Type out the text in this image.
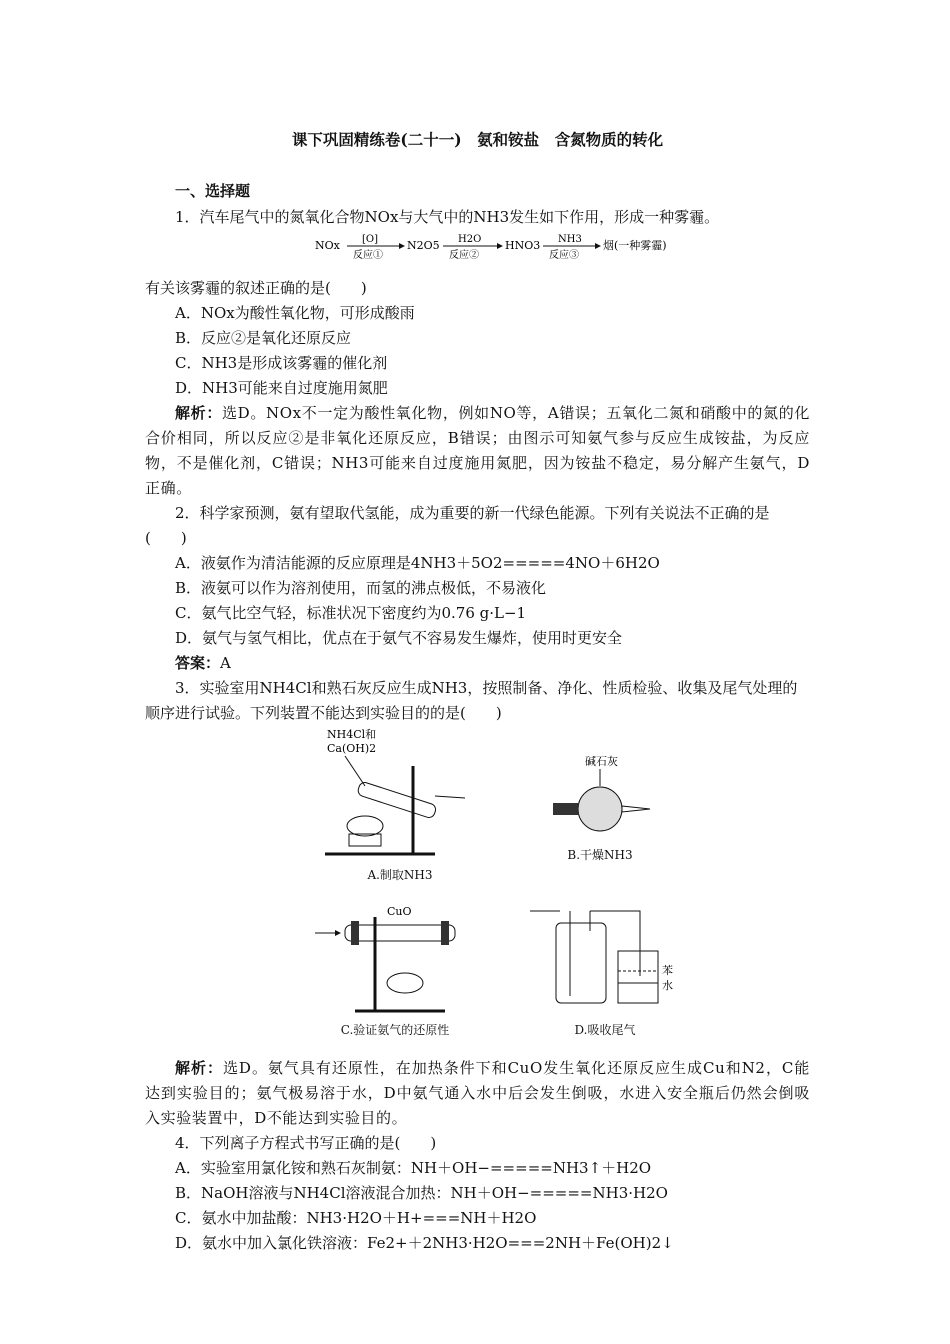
课下巩固精练卷(二十一)　氨和铵盐　含氮物质的转化
一、选择题

1．汽车尾气中的氮氧化合物NOx与大气中的NH3发生如下作用，形成一种雾霾。

NOx [O]
反应①
N2O5 H2O
反应②
HNO3 NH3
反应③
烟(一种雾霾)

有关该雾霾的叙述正确的是(　　)

A．NOx为酸性氧化物，可形成酸雨

B．反应②是氧化还原反应

C．NH3是形成该雾霾的催化剂

D．NH3可能来自过度施用氮肥

解析：选D。NOx不一定为酸性氧化物，例如NO等，A错误；五氧化二氮和硝酸中的氮的化合价相同，所以反应②是非氧化还原反应，B错误；由图示可知氨气参与反应生成铵盐，为反应物，不是催化剂，C错误；NH3可能来自过度施用氮肥，因为铵盐不稳定，易分解产生氨气，D正确。

2．科学家预测，氨有望取代氢能，成为重要的新一代绿色能源。下列有关说法不正确的是(　　)

A．液氨作为清洁能源的反应原理是4NH3＋5O2=====4NO＋6H2O

B．液氨可以作为溶剂使用，而氢的沸点极低，不易液化

C．氨气比空气轻，标准状况下密度约为0.76 g·L−1

D．氨气与氢气相比，优点在于氨气不容易发生爆炸，使用时更安全

答案：A

3．实验室用NH4Cl和熟石灰反应生成NH3，按照制备、净化、性质检验、收集及尾气处理的顺序进行试验。下列装置不能达到实验目的的是(　　)

NH4Cl和
Ca(OH)2
A.制取NH3
碱石灰
B.干燥NH3
CuO
C.验证氨气的还原性
苯
水
D.吸收尾气

解析：选D。氨气具有还原性，在加热条件下和CuO发生氧化还原反应生成Cu和N2，C能达到实验目的；氨气极易溶于水，D中氨气通入水中后会发生倒吸，水进入安全瓶后仍然会倒吸入实验装置中，D不能达到实验目的。

4．下列离子方程式书写正确的是(　　)

A．实验室用氯化铵和熟石灰制氨：NH＋OH−=====NH3↑＋H2O

B．NaOH溶液与NH4Cl溶液混合加热：NH＋OH−=====NH3·H2O

C．氨水中加盐酸：NH3·H2O＋H+===NH＋H2O

D．氨水中加入氯化铁溶液：Fe2+＋2NH3·H2O===2NH＋Fe(OH)2↓
